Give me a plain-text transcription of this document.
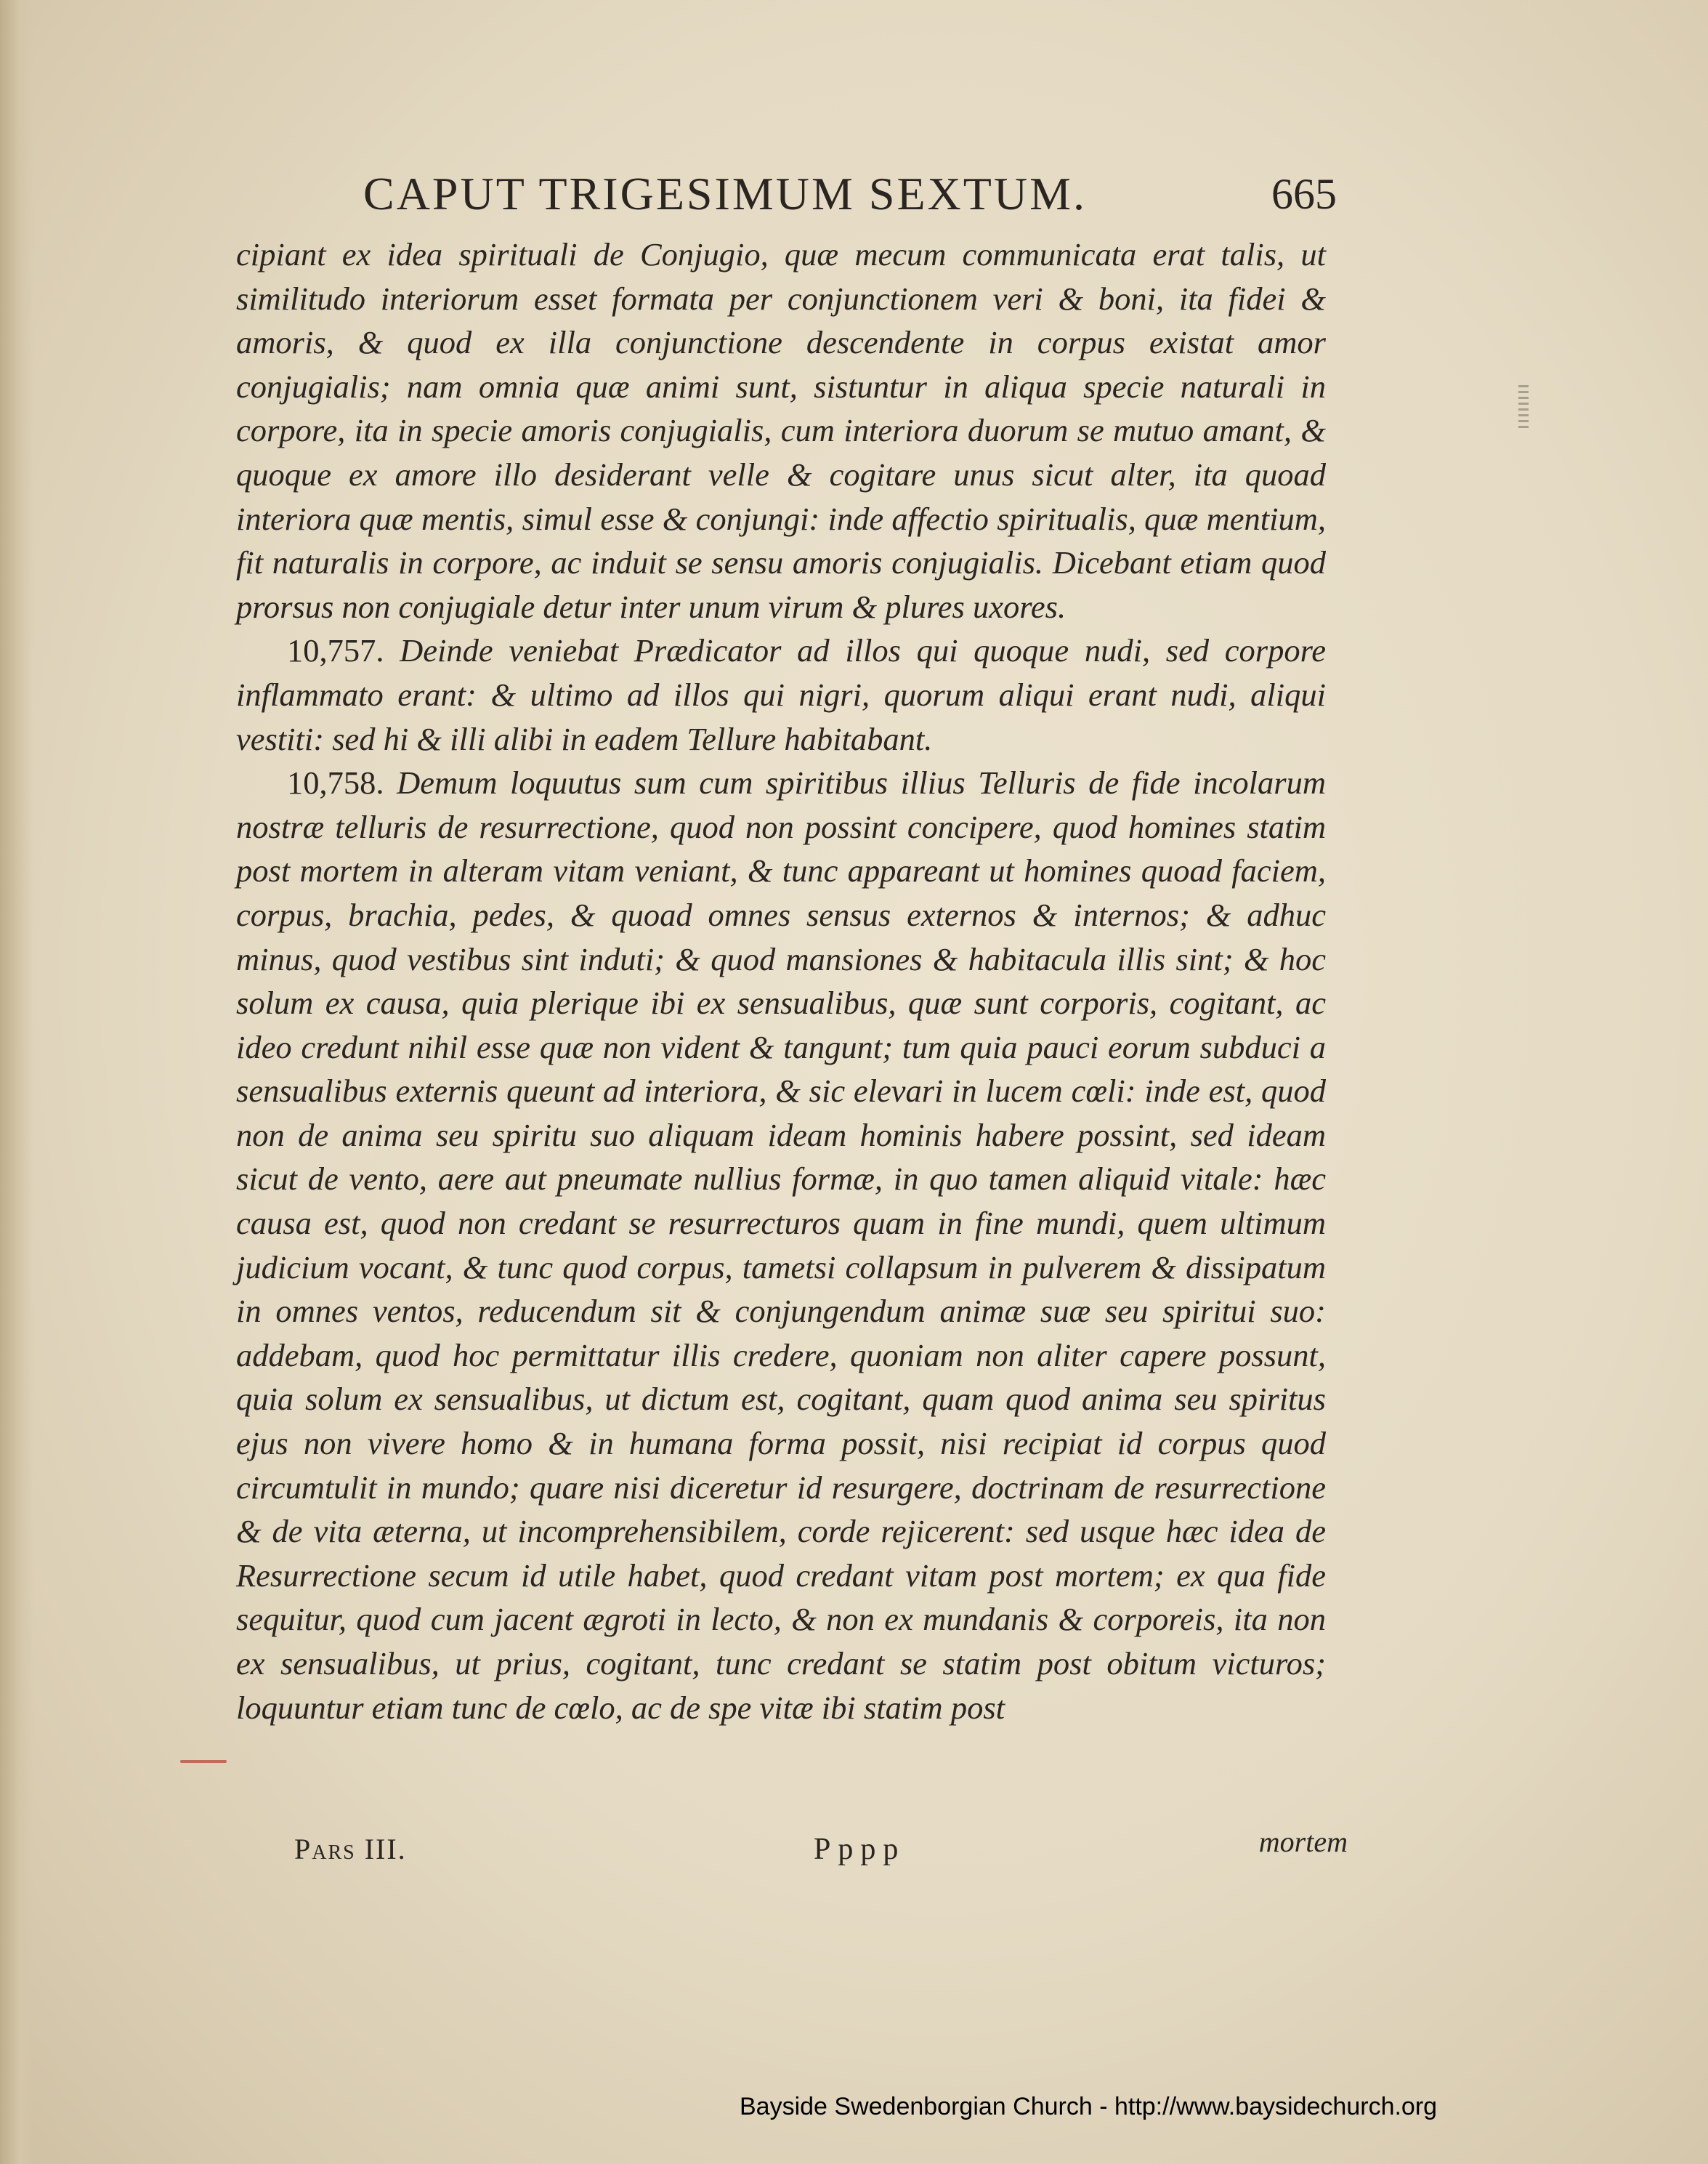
CAPUT TRIGESIMUM SEXTUM.	665

cipiant ex idea spirituali de Conjugio, quæ mecum communicata erat talis, ut similitudo interiorum esset formata per conjunctionem veri & boni, ita fidei & amoris, & quod ex illa conjunctione descendente in corpus existat amor conjugialis; nam omnia quæ animi sunt, sistuntur in aliqua specie naturali in corpore, ita in specie amoris conjugialis, cum interiora duorum se mutuo amant, & quoque ex amore illo desiderant velle & cogitare unus sicut alter, ita quoad interiora quæ mentis, simul esse & conjungi: inde affectio spiritualis, quæ mentium, fit naturalis in corpore, ac induit se sensu amoris conjugialis. Dicebant etiam quod prorsus non conjugiale detur inter unum virum & plures uxores.

10,757. Deinde veniebat Prædicator ad illos qui quoque nudi, sed corpore inflammato erant: & ultimo ad illos qui nigri, quorum aliqui erant nudi, aliqui vestiti: sed hi & illi alibi in eadem Tellure habitabant.

10,758. Demum loquutus sum cum spiritibus illius Telluris de fide incolarum nostræ telluris de resurrectione, quod non possint concipere, quod homines statim post mortem in alteram vitam veniant, & tunc appareant ut homines quoad faciem, corpus, brachia, pedes, & quoad omnes sensus externos & internos; & adhuc minus, quod vestibus sint induti; & quod mansiones & habitacula illis sint; & hoc solum ex causa, quia plerique ibi ex sensualibus, quæ sunt corporis, cogitant, ac ideo credunt nihil esse quæ non vident & tangunt; tum quia pauci eorum subduci a sensualibus externis queunt ad interiora, & sic elevari in lucem cœli: inde est, quod non de anima seu spiritu suo aliquam ideam hominis habere possint, sed ideam sicut de vento, aere aut pneumate nullius formæ, in quo tamen aliquid vitale: hæc causa est, quod non credant se resurrecturos quam in fine mundi, quem ultimum judicium vocant, & tunc quod corpus, tametsi collapsum in pulverem & dissipatum in omnes ventos, reducendum sit & conjungendum animæ suæ seu spiritui suo: addebam, quod hoc permittatur illis credere, quoniam non aliter capere possunt, quia solum ex sensualibus, ut dictum est, cogitant, quam quod anima seu spiritus ejus non vivere homo & in humana forma possit, nisi recipiat id corpus quod circumtulit in mundo; quare nisi diceretur id resurgere, doctrinam de resurrectione & de vita æterna, ut incomprehensibilem, corde rejicerent: sed usque hæc idea de Resurrectione secum id utile habet, quod credant vitam post mortem; ex qua fide sequitur, quod cum jacent ægroti in lecto, & non ex mundanis & corporeis, ita non ex sensualibus, ut prius, cogitant, tunc credant se statim post obitum victuros; loquuntur etiam tunc de cœlo, ac de spe vitæ ibi statim post

Pars III.	Pppp	mortem
Bayside Swedenborgian Church - http://www.baysidechurch.org
